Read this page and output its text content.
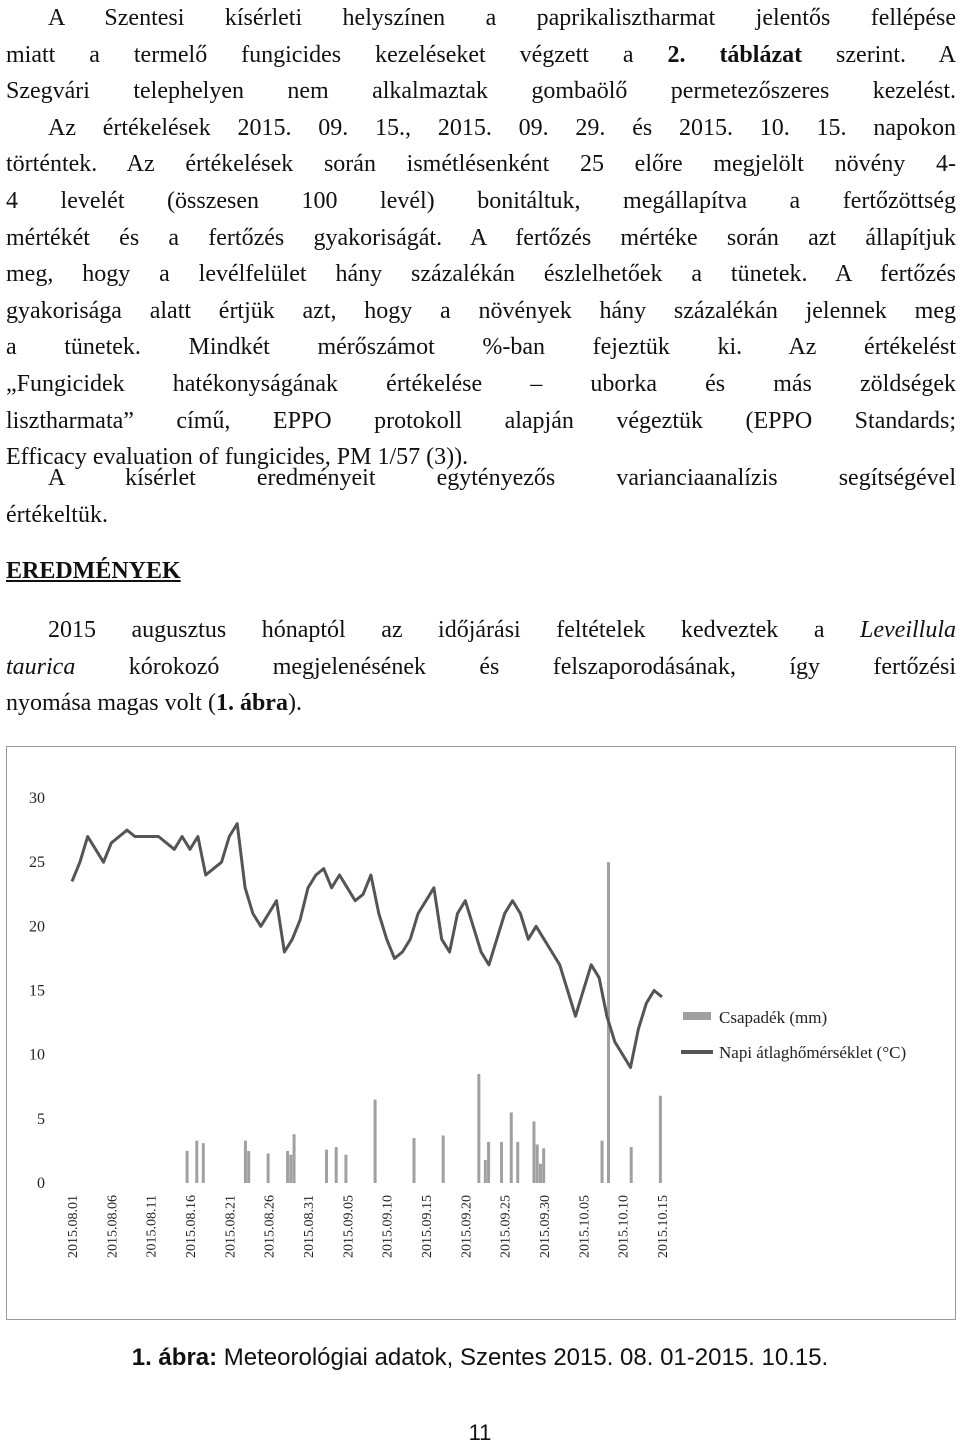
A Szentesi kísérleti helyszínen a paprikalisztharmat jelentős fellépése
miatt a termelő fungicides kezeléseket végzett a 2. táblázat szerint. A
Szegvári telephelyen nem alkalmaztak gombaölő permetezőszeres kezelést.
Az értékelések 2015. 09. 15., 2015. 09. 29. és 2015. 10. 15. napokon
történtek. Az értékelések során ismétlésenként 25 előre megjelölt növény 4-
4 levelét (összesen 100 levél) bonitáltuk, megállapítva a fertőzöttség
mértékét és a fertőzés gyakoriságát. A fertőzés mértéke során azt állapítjuk
meg, hogy a levélfelület hány százalékán észlelhetőek a tünetek. A fertőzés
gyakorisága alatt értjük azt, hogy a növények hány százalékán jelennek meg
a tünetek. Mindkét mérőszámot %-ban fejeztük ki. Az értékelést
„Fungicidek hatékonyságának értékelése – uborka és más zöldségek
lisztharmata” című, EPPO protokoll alapján végeztük (EPPO Standards;
Efficacy evaluation of fungicides, PM 1/57 (3)).
A kísérlet eredményeit egytényezős varianciaanalízis segítségével
értékeltük.
EREDMÉNYEK
2015 augusztus hónaptól az időjárási feltételek kedveztek a Leveillula
taurica kórokozó megjelenésének és felszaporodásának, így fertőzési
nyomása magas volt (1. ábra).
0
5
10
15
20
25
30
2015.08.01 2015.08.06 2015.08.11 2015.08.16 2015.08.21 2015.08.26 2015.08.31 2015.09.05 2015.09.10 2015.09.15 2015.09.20 2015.09.25 2015.09.30 2015.10.05 2015.10.10 2015.10.15
Csapadék (mm)
Napi átlaghőmérséklet (°C)
1. ábra: Meteorológiai adatok, Szentes 2015. 08. 01-2015. 10.15.
11
